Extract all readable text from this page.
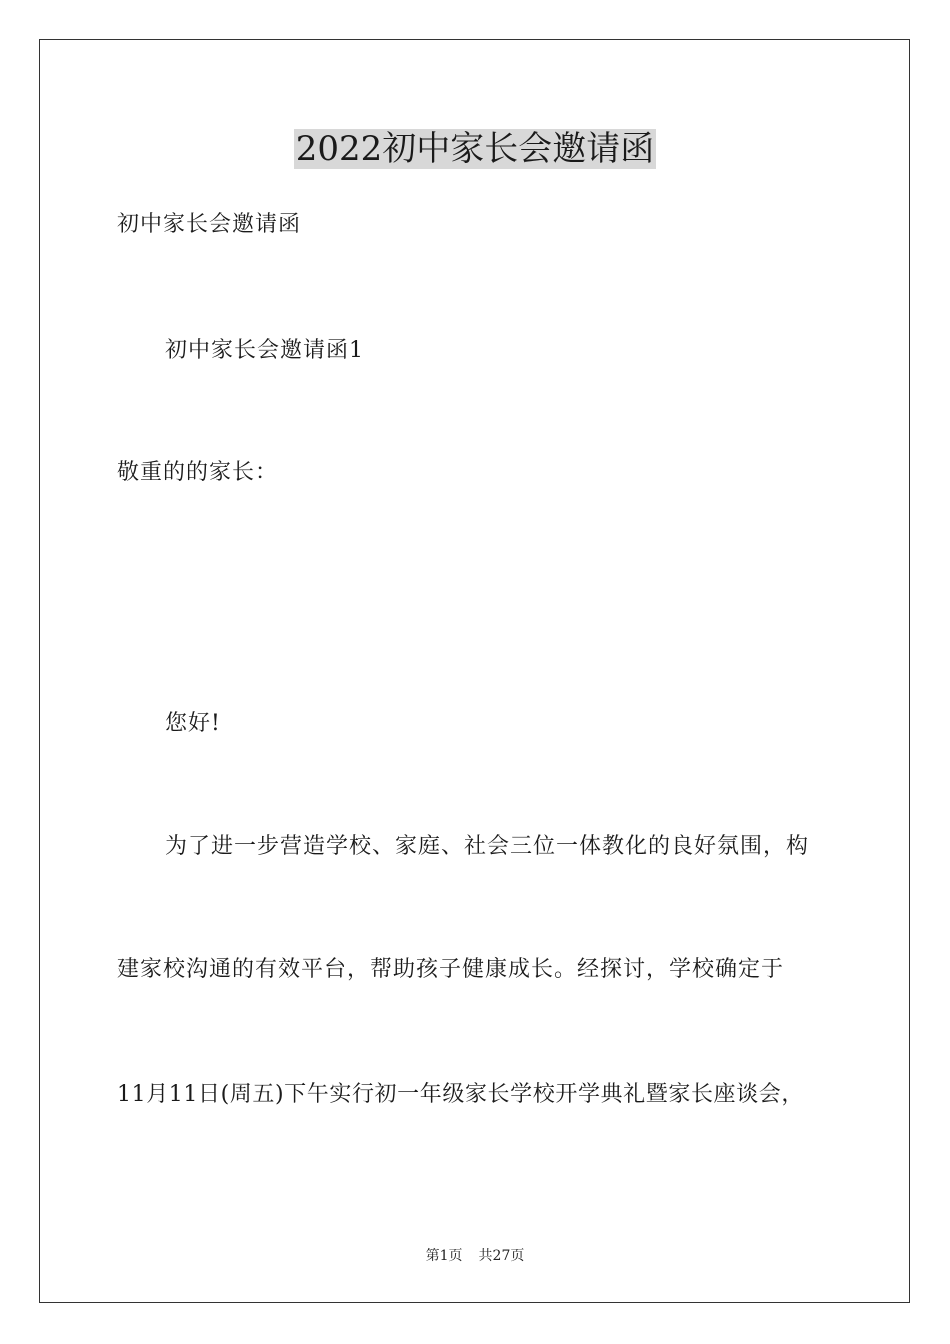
2022初中家长会邀请函

初中家长会邀请函

初中家长会邀请函1

敬重的的家长：

您好!

为了进一步营造学校、家庭、社会三位一体教化的良好氛围，构

建家校沟通的有效平台，帮助孩子健康成长。经探讨，学校确定于

11月11日(周五)下午实行初一年级家长学校开学典礼暨家长座谈会，

第1页 共27页
